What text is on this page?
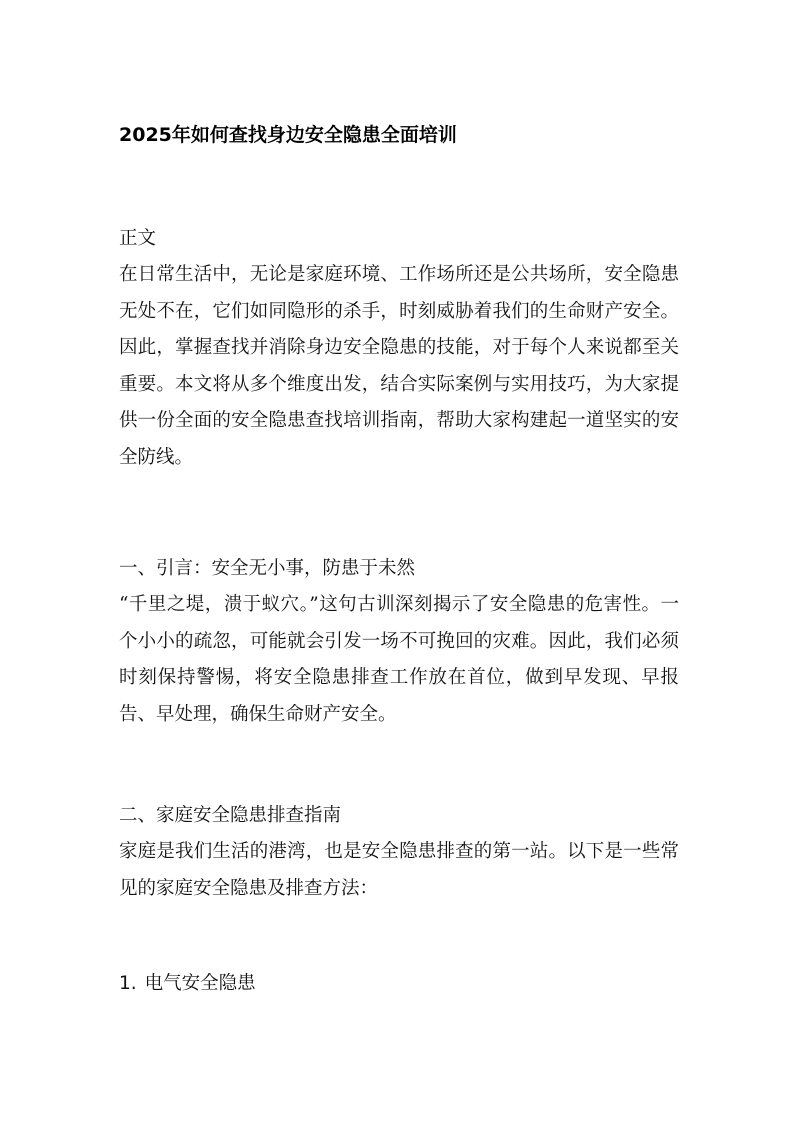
2025年如何查找身边安全隐患全面培训

正文

在日常生活中，无论是家庭环境、工作场所还是公共场所，安全隐患无处不在，它们如同隐形的杀手，时刻威胁着我们的生命财产安全。因此，掌握查找并消除身边安全隐患的技能，对于每个人来说都至关重要。本文将从多个维度出发，结合实际案例与实用技巧，为大家提供一份全面的安全隐患查找培训指南，帮助大家构建起一道坚实的安全防线。

一、引言：安全无小事，防患于未然

“千里之堤，溃于蚁穴。”这句古训深刻揭示了安全隐患的危害性。一个小小的疏忽，可能就会引发一场不可挽回的灾难。因此，我们必须时刻保持警惕，将安全隐患排查工作放在首位，做到早发现、早报告、早处理，确保生命财产安全。

二、家庭安全隐患排查指南

家庭是我们生活的港湾，也是安全隐患排查的第一站。以下是一些常见的家庭安全隐患及排查方法：

1. 电气安全隐患
